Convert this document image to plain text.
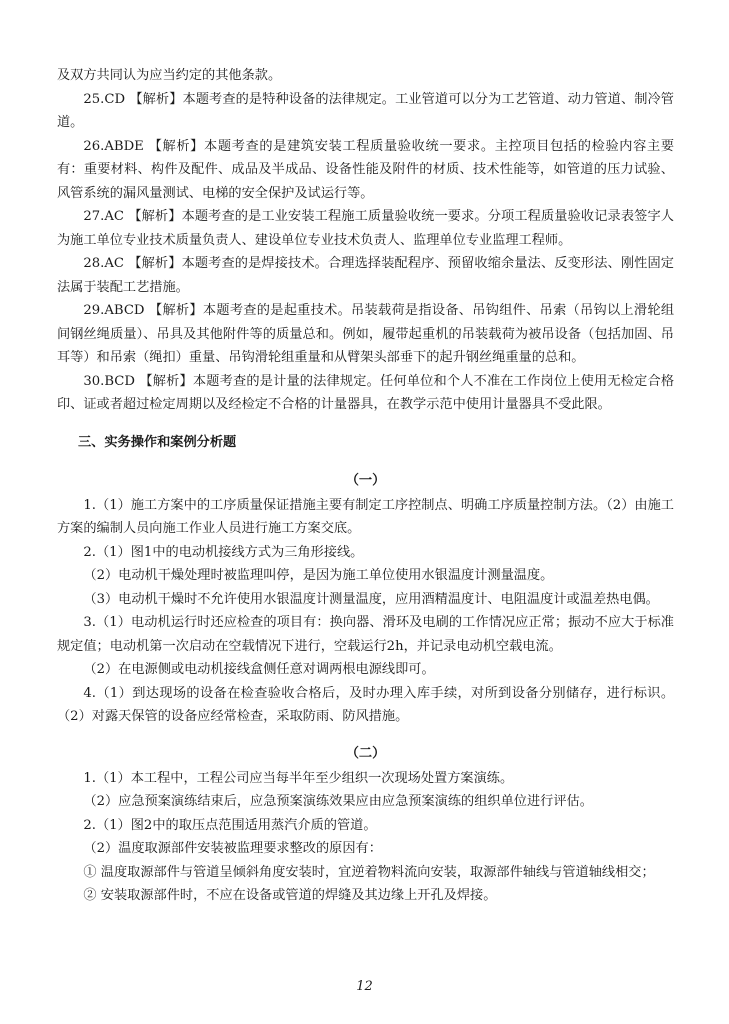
及双方共同认为应当约定的其他条款。

25.CD 【解析】本题考查的是特种设备的法律规定。工业管道可以分为工艺管道、动力管道、制冷管道。

26.ABDE 【解析】本题考查的是建筑安装工程质量验收统一要求。主控项目包括的检验内容主要有：重要材料、构件及配件、成品及半成品、设备性能及附件的材质、技术性能等，如管道的压力试验、风管系统的漏风量测试、电梯的安全保护及试运行等。

27.AC 【解析】本题考查的是工业安装工程施工质量验收统一要求。分项工程质量验收记录表签字人为施工单位专业技术质量负责人、建设单位专业技术负责人、监理单位专业监理工程师。

28.AC 【解析】本题考查的是焊接技术。合理选择装配程序、预留收缩余量法、反变形法、刚性固定法属于装配工艺措施。

29.ABCD 【解析】本题考查的是起重技术。吊装载荷是指设备、吊钩组件、吊索（吊钩以上滑轮组间钢丝绳质量）、吊具及其他附件等的质量总和。例如，履带起重机的吊装载荷为被吊设备（包括加固、吊耳等）和吊索（绳扣）重量、吊钩滑轮组重量和从臂架头部垂下的起升钢丝绳重量的总和。

30.BCD 【解析】本题考查的是计量的法律规定。任何单位和个人不准在工作岗位上使用无检定合格印、证或者超过检定周期以及经检定不合格的计量器具，在教学示范中使用计量器具不受此限。

三、实务操作和案例分析题
（一）

1.（1）施工方案中的工序质量保证措施主要有制定工序控制点、明确工序质量控制方法。（2）由施工方案的编制人员向施工作业人员进行施工方案交底。

2.（1）图1中的电动机接线方式为三角形接线。

（2）电动机干燥处理时被监理叫停，是因为施工单位使用水银温度计测量温度。

（3）电动机干燥时不允许使用水银温度计测量温度，应用酒精温度计、电阻温度计或温差热电偶。

3.（1）电动机运行时还应检查的项目有：换向器、滑环及电刷的工作情况应正常；振动不应大于标准规定值；电动机第一次启动在空载情况下进行，空载运行2h，并记录电动机空载电流。

（2）在电源侧或电动机接线盒侧任意对调两根电源线即可。

4.（1）到达现场的设备在检查验收合格后，及时办理入库手续，对所到设备分别储存，进行标识。（2）对露天保管的设备应经常检查，采取防雨、防风措施。

（二）

1.（1）本工程中，工程公司应当每半年至少组织一次现场处置方案演练。

（2）应急预案演练结束后，应急预案演练效果应由应急预案演练的组织单位进行评估。

2.（1）图2中的取压点范围适用蒸汽介质的管道。

（2）温度取源部件安装被监理要求整改的原因有：

① 温度取源部件与管道呈倾斜角度安装时，宜逆着物料流向安装，取源部件轴线与管道轴线相交；

② 安装取源部件时，不应在设备或管道的焊缝及其边缘上开孔及焊接。

12
